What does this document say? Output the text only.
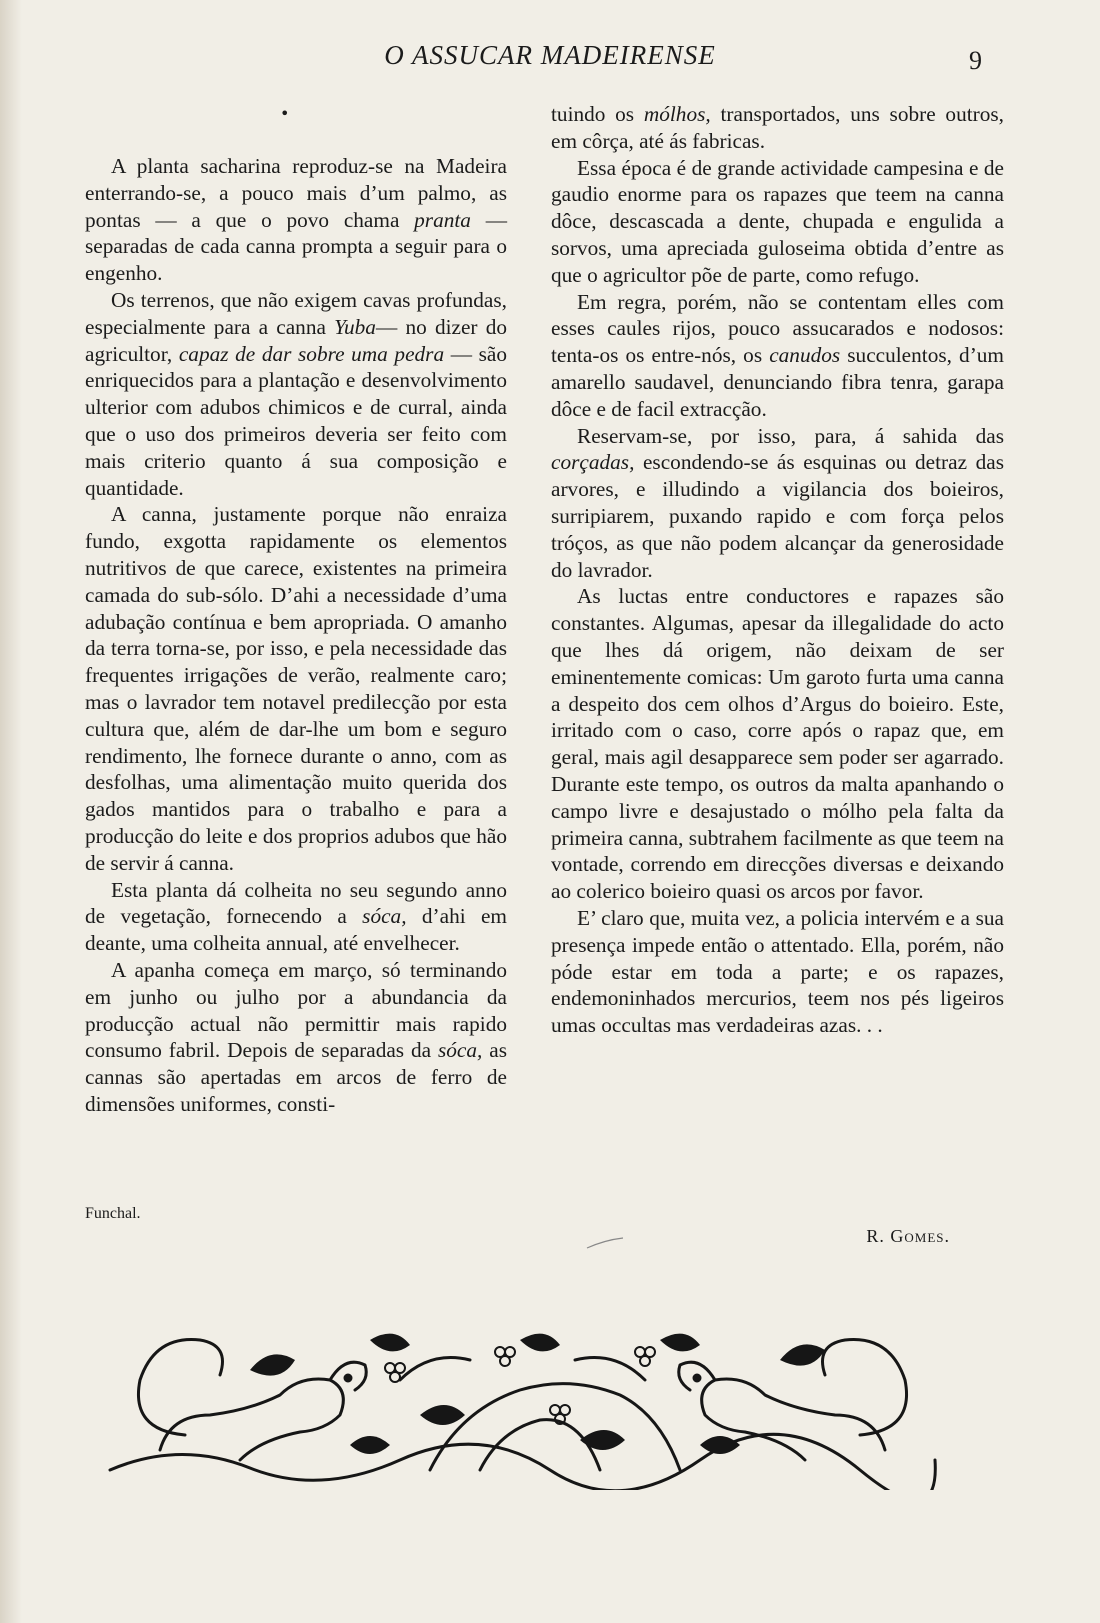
O ASSUCAR MADEIRENSE	9
•

A planta sacharina reproduz-se na Madeira enterrando-se, a pouco mais d’um palmo, as pontas — a que o povo chama pranta —separadas de cada canna prompta a seguir para o engenho.

Os terrenos, que não exigem cavas profundas, especialmente para a canna Yuba— no dizer do agricultor, capaz de dar sobre uma pedra — são enriquecidos para a plantação e desenvolvimento ulterior com adubos chimicos e de curral, ainda que o uso dos primeiros deveria ser feito com mais criterio quanto á sua composição e quantidade.

A canna, justamente porque não enraiza fundo, exgotta rapidamente os elementos nutritivos de que carece, existentes na primeira camada do sub-sólo. D’ahi a necessidade d’uma adubação contínua e bem apropriada. O amanho da terra torna-se, por isso, e pela necessidade das frequentes irrigações de verão, realmente caro; mas o lavrador tem notavel predilecção por esta cultura que, além de dar-lhe um bom e seguro rendimento, lhe fornece durante o anno, com as desfolhas, uma alimentação muito querida dos gados mantidos para o trabalho e para a producção do leite e dos proprios adubos que hão de servir á canna.

Esta planta dá colheita no seu segundo anno de vegetação, fornecendo a sóca, d’ahi em deante, uma colheita annual, até envelhecer.

A apanha começa em março, só terminando em junho ou julho por a abundancia da producção actual não permittir mais rapido consumo fabril. Depois de separadas da sóca, as cannas são apertadas em arcos de ferro de dimensões uniformes, consti-

tuindo os mólhos, transportados, uns sobre outros, em côrça, até ás fabricas.

Essa época é de grande actividade campesina e de gaudio enorme para os rapazes que teem na canna dôce, descascada a dente, chupada e engulida a sorvos, uma apreciada guloseima obtida d’entre as que o agricultor põe de parte, como refugo.

Em regra, porém, não se contentam elles com esses caules rijos, pouco assucarados e nodosos: tenta-os os entre-nós, os canudos succulentos, d’um amarello saudavel, denunciando fibra tenra, garapa dôce e de facil extracção.

Reservam-se, por isso, para, á sahida das corçadas, escondendo-se ás esquinas ou detraz das arvores, e illudindo a vigilancia dos boieiros, surripiarem, puxando rapido e com força pelos tróços, as que não podem alcançar da generosidade do lavrador.

As luctas entre conductores e rapazes são constantes. Algumas, apesar da illegalidade do acto que lhes dá origem, não deixam de ser eminentemente comicas: Um garoto furta uma canna a despeito dos cem olhos d’Argus do boieiro. Este, irritado com o caso, corre após o rapaz que, em geral, mais agil desapparece sem poder ser agarrado. Durante este tempo, os outros da malta apanhando o campo livre e desajustado o mólho pela falta da primeira canna, subtrahem facilmente as que teem na vontade, correndo em direcções diversas e deixando ao colerico boieiro quasi os arcos por favor.

E’ claro que, muita vez, a policia intervém e a sua presença impede então o attentado. Ella, porém, não póde estar em toda a parte; e os rapazes, endemoninhados mercurios, teem nos pés ligeiros umas occultas mas verdadeiras azas. . .

Funchal.
R. Gomes.
